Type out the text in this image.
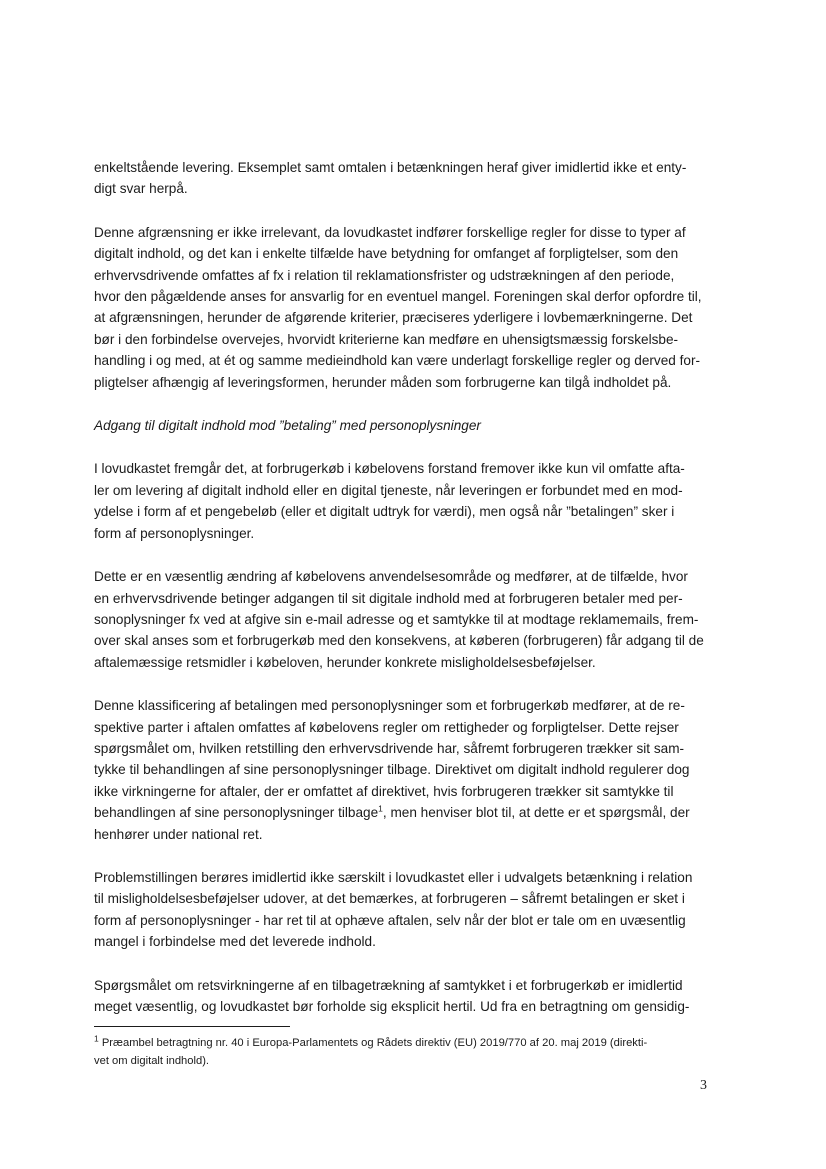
enkeltstående levering. Eksemplet samt omtalen i betænkningen heraf giver imidlertid ikke et enty-
digt svar herpå.

Denne afgrænsning er ikke irrelevant, da lovudkastet indfører forskellige regler for disse to typer af
digitalt indhold, og det kan i enkelte tilfælde have betydning for omfanget af forpligtelser, som den
erhvervsdrivende omfattes af fx i relation til reklamationsfrister og udstrækningen af den periode,
hvor den pågældende anses for ansvarlig for en eventuel mangel. Foreningen skal derfor opfordre til,
at afgrænsningen, herunder de afgørende kriterier, præciseres yderligere i lovbemærkningerne. Det
bør i den forbindelse overvejes, hvorvidt kriterierne kan medføre en uhensigtsmæssig forskelsbe-
handling i og med, at ét og samme medieindhold kan være underlagt forskellige regler og derved for-
pligtelser afhængig af leveringsformen, herunder måden som forbrugerne kan tilgå indholdet på.

Adgang til digitalt indhold mod ”betaling” med personoplysninger

I lovudkastet fremgår det, at forbrugerkøb i købelovens forstand fremover ikke kun vil omfatte afta-
ler om levering af digitalt indhold eller en digital tjeneste, når leveringen er forbundet med en mod-
ydelse i form af et pengebeløb (eller et digitalt udtryk for værdi), men også når ”betalingen” sker i
form af personoplysninger.

Dette er en væsentlig ændring af købelovens anvendelsesområde og medfører, at de tilfælde, hvor
en erhvervsdrivende betinger adgangen til sit digitale indhold med at forbrugeren betaler med per-
sonoplysninger fx ved at afgive sin e-mail adresse og et samtykke til at modtage reklamemails, frem-
over skal anses som et forbrugerkøb med den konsekvens, at køberen (forbrugeren) får adgang til de
aftalemæssige retsmidler i købeloven, herunder konkrete misligholdelsesbeføjelser.

Denne klassificering af betalingen med personoplysninger som et forbrugerkøb medfører, at de re-
spektive parter i aftalen omfattes af købelovens regler om rettigheder og forpligtelser. Dette rejser
spørgsmålet om, hvilken retstilling den erhvervsdrivende har, såfremt forbrugeren trækker sit sam-
tykke til behandlingen af sine personoplysninger tilbage. Direktivet om digitalt indhold regulerer dog
ikke virkningerne for aftaler, der er omfattet af direktivet, hvis forbrugeren trækker sit samtykke til
behandlingen af sine personoplysninger tilbage$^1$, men henviser blot til, at dette er et spørgsmål, der
henhører under national ret.

Problemstillingen berøres imidlertid ikke særskilt i lovudkastet eller i udvalgets betænkning i relation
til misligholdelsesbeføjelser udover, at det bemærkes, at forbrugeren – såfremt betalingen er sket i
form af personoplysninger - har ret til at ophæve aftalen, selv når der blot er tale om en uvæsentlig
mangel i forbindelse med det leverede indhold.

Spørgsmålet om retsvirkningerne af en tilbagetrækning af samtykket i et forbrugerkøb er imidlertid
meget væsentlig, og lovudkastet bør forholde sig eksplicit hertil. Ud fra en betragtning om gensidig-

$^1$ Præambel betragtning nr. 40 i Europa-Parlamentets og Rådets direktiv (EU) 2019/770 af 20. maj 2019 (direkti-
vet om digitalt indhold).
3
